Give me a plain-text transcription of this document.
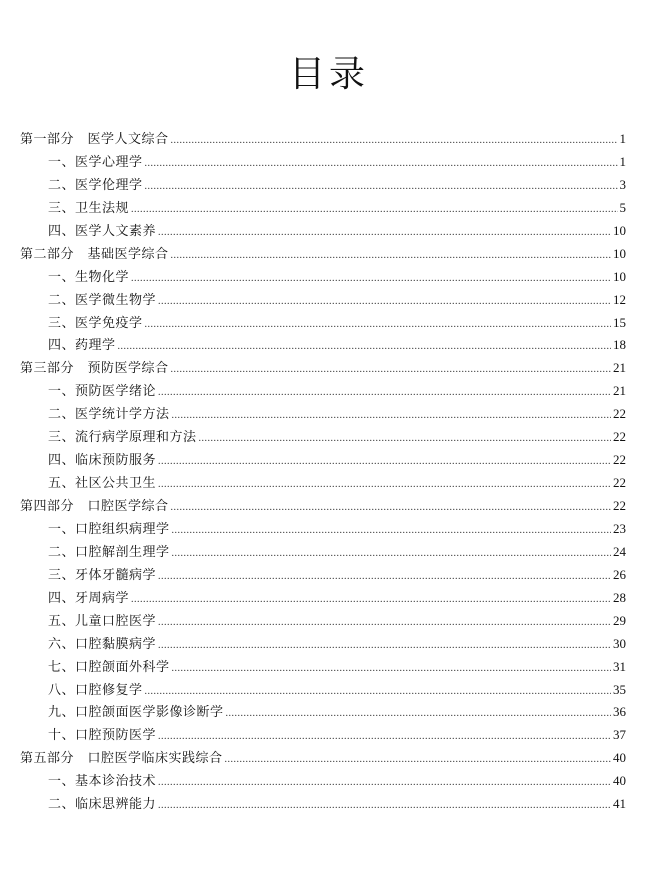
目录
第一部分　医学人文综合 .....	1
一、医学心理学 .....	1
二、医学伦理学 .....	3
三、卫生法规 .....	5
四、医学人文素养 .....	10
第二部分　基础医学综合 .....	10
一、生物化学 .....	10
二、医学微生物学 .....	12
三、医学免疫学 .....	15
四、药理学 .....	18
第三部分　预防医学综合 .....	21
一、预防医学绪论 .....	21
二、医学统计学方法 .....	22
三、流行病学原理和方法 .....	22
四、临床预防服务 .....	22
五、社区公共卫生 .....	22
第四部分　口腔医学综合 .....	22
一、口腔组织病理学 .....	23
二、口腔解剖生理学 .....	24
三、牙体牙髓病学 .....	26
四、牙周病学 .....	28
五、儿童口腔医学 .....	29
六、口腔黏膜病学 .....	30
七、口腔颌面外科学 .....	31
八、口腔修复学 .....	35
九、口腔颌面医学影像诊断学 .....	36
十、口腔预防医学 .....	37
第五部分　口腔医学临床实践综合 .....	40
一、基本诊治技术 .....	40
二、临床思辨能力 .....	41
